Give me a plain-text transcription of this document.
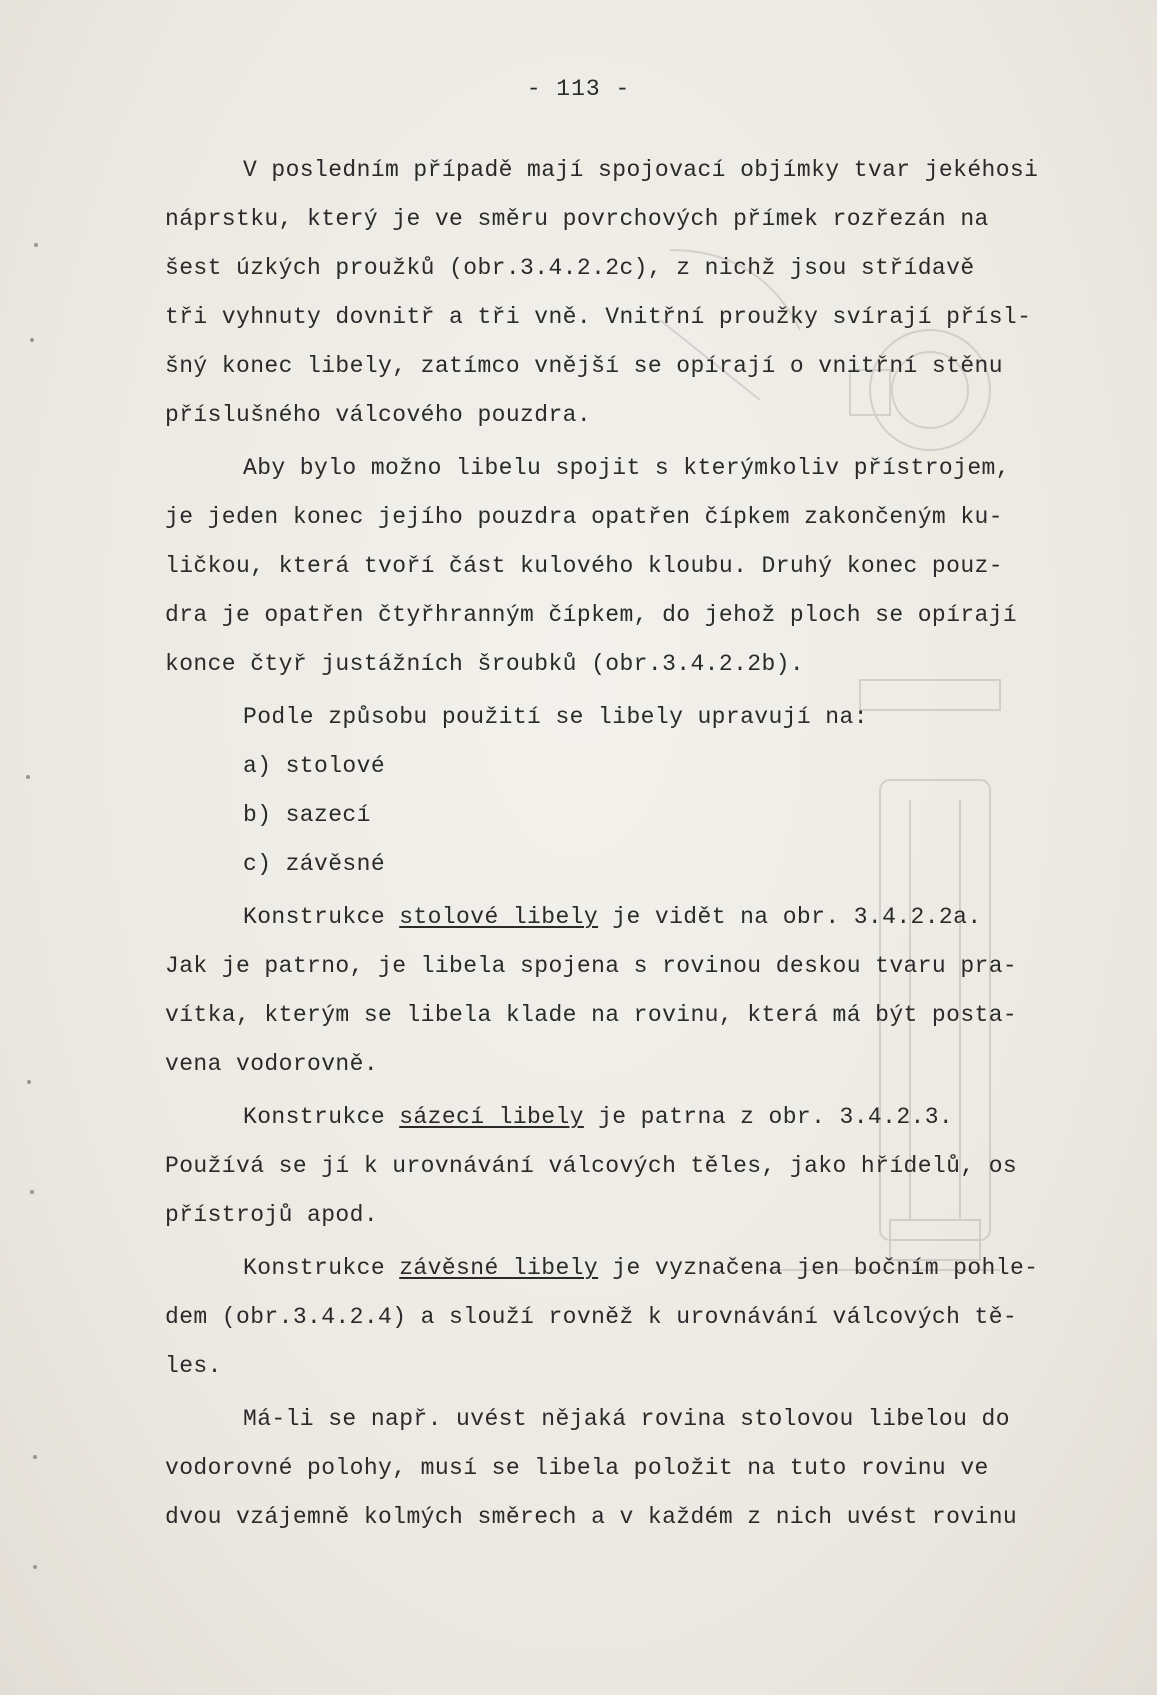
- 113 -
V posledním případě mají spojovací objímky tvar jekéhosi
náprstku, který je ve směru povrchových přímek rozřezán na
šest úzkých proužků (obr.3.4.2.2c), z nichž jsou střídavě
tři vyhnuty dovnitř a tři vně. Vnitřní proužky svírají přísl-
šný konec libely, zatímco vnější se opírají o vnitřní stěnu
příslušného válcového pouzdra.
Aby bylo možno libelu spojit s kterýmkoliv přístrojem,
je jeden konec jejího pouzdra opatřen čípkem zakončeným ku-
ličkou, která tvoří část kulového kloubu. Druhý konec pouz-
dra je opatřen čtyřhranným čípkem, do jehož ploch se opírají
konce čtyř justážních šroubků (obr.3.4.2.2b).
Podle způsobu použití se libely upravují na:
a) stolové
b) sazecí
c) závěsné
Konstrukce stolové libely je vidět na obr. 3.4.2.2a.
Jak je patrno, je libela spojena s rovinou deskou tvaru pra-
vítka, kterým se libela klade na rovinu, která má být posta-
vena vodorovně.
Konstrukce sázecí libely je patrna z obr. 3.4.2.3.
Používá se jí k urovnávání válcových těles, jako hřídelů, os
přístrojů apod.
Konstrukce závěsné libely je vyznačena jen bočním pohle-
dem (obr.3.4.2.4) a slouží rovněž k urovnávání válcových tě-
les.
Má-li se např. uvést nějaká rovina stolovou libelou do
vodorovné polohy, musí se libela položit na tuto rovinu ve
dvou vzájemně kolmých směrech a v každém z nich uvést rovinu
